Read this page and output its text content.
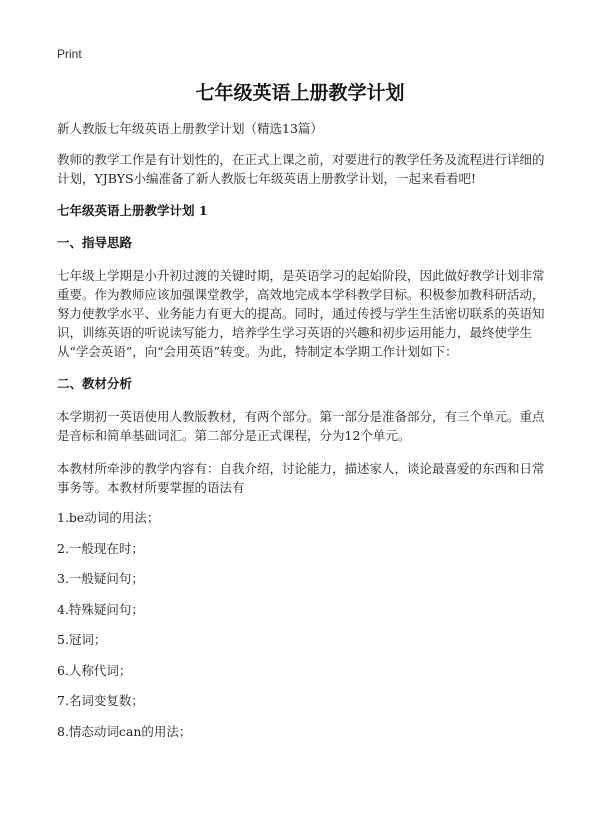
Print
七年级英语上册教学计划

新人教版七年级英语上册教学计划（精选13篇）

教师的教学工作是有计划性的，在正式上课之前，对要进行的教学任务及流程进行详细的计划，YJBYS小编准备了新人教版七年级英语上册教学计划，一起来看看吧!

七年级英语上册教学计划 1
一、指导思路

七年级上学期是小升初过渡的关键时期，是英语学习的起始阶段，因此做好教学计划非常重要。作为教师应该加强课堂教学，高效地完成本学科教学目标。积极参加教科研活动，努力使教学水平、业务能力有更大的提高。同时，通过传授与学生生活密切联系的英语知识，训练英语的听说读写能力，培养学生学习英语的兴趣和初步运用能力，最终使学生从“学会英语”，向“会用英语”转变。为此，特制定本学期工作计划如下：

二、教材分析

本学期初一英语使用人教版教材，有两个部分。第一部分是准备部分，有三个单元。重点是音标和简单基础词汇。第二部分是正式课程，分为12个单元。

本教材所牵涉的教学内容有：自我介绍，讨论能力，描述家人，谈论最喜爱的东西和日常事务等。本教材所要掌握的语法有

1.be动词的用法；
2.一般现在时；
3.一般疑问句；
4.特殊疑问句；
5.冠词；
6.人称代词；
7.名词变复数；
8.情态动词can的用法；
